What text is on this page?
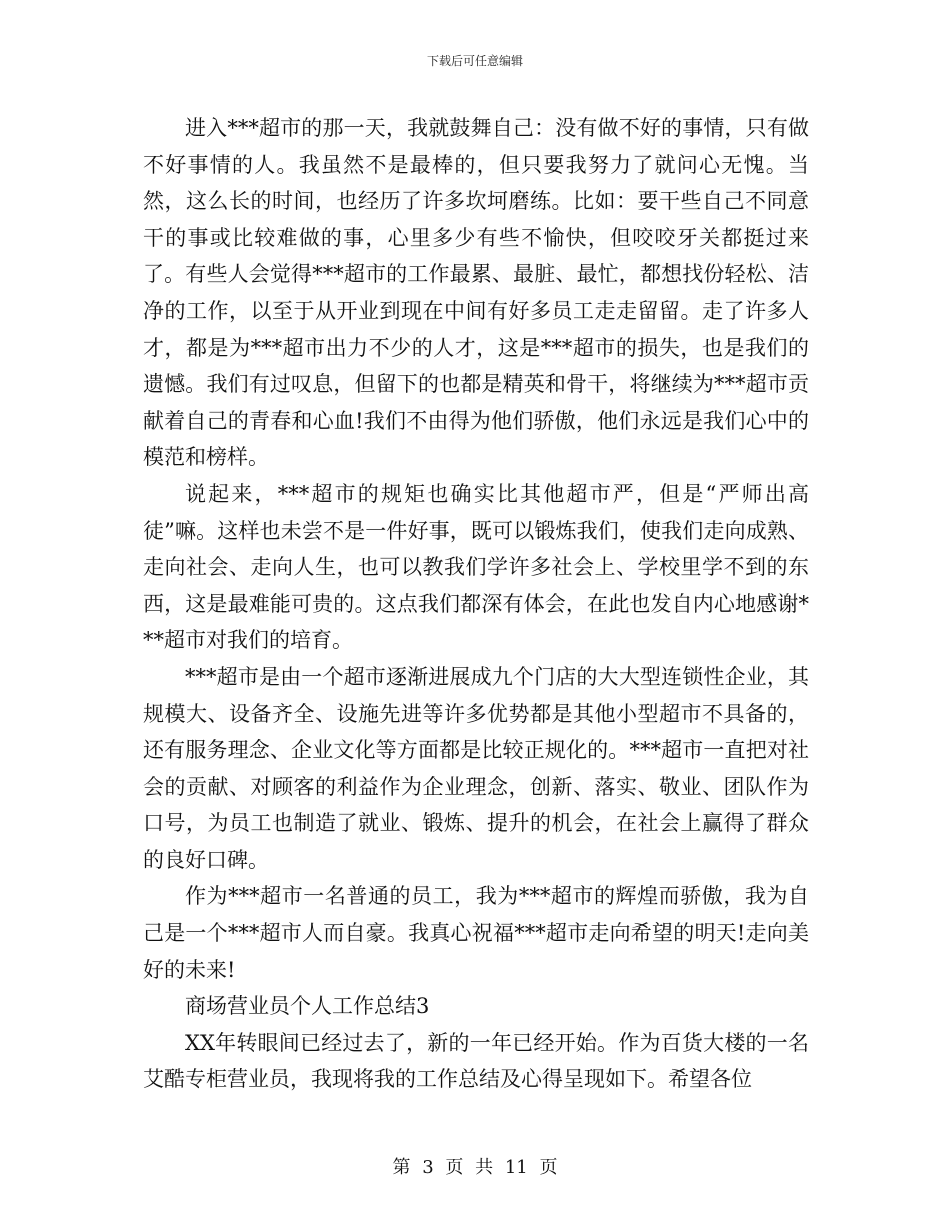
下载后可任意编辑

进入***超市的那一天，我就鼓舞自己：没有做不好的事情，只有做不好事情的人。我虽然不是最棒的，但只要我努力了就问心无愧。当然，这么长的时间，也经历了许多坎坷磨练。比如：要干些自己不同意干的事或比较难做的事，心里多少有些不愉快，但咬咬牙关都挺过来了。有些人会觉得***超市的工作最累、最脏、最忙，都想找份轻松、洁净的工作，以至于从开业到现在中间有好多员工走走留留。走了许多人才，都是为***超市出力不少的人才，这是***超市的损失，也是我们的遗憾。我们有过叹息，但留下的也都是精英和骨干，将继续为***超市贡献着自己的青春和心血!我们不由得为他们骄傲，他们永远是我们心中的模范和榜样。

说起来，***超市的规矩也确实比其他超市严，但是“严师出高徒”嘛。这样也未尝不是一件好事，既可以锻炼我们，使我们走向成熟、走向社会、走向人生，也可以教我们学许多社会上、学校里学不到的东西，这是最难能可贵的。这点我们都深有体会，在此也发自内心地感谢***超市对我们的培育。

***超市是由一个超市逐渐进展成九个门店的大大型连锁性企业，其规模大、设备齐全、设施先进等许多优势都是其他小型超市不具备的，还有服务理念、企业文化等方面都是比较正规化的。***超市一直把对社会的贡献、对顾客的利益作为企业理念，创新、落实、敬业、团队作为口号，为员工也制造了就业、锻炼、提升的机会，在社会上赢得了群众的良好口碑。

作为***超市一名普通的员工，我为***超市的辉煌而骄傲，我为自己是一个***超市人而自豪。我真心祝福***超市走向希望的明天!走向美好的未来!

商场营业员个人工作总结3

XX年转眼间已经过去了，新的一年已经开始。作为百货大楼的一名艾酷专柜营业员，我现将我的工作总结及心得呈现如下。希望各位

第 3 页 共 11 页
